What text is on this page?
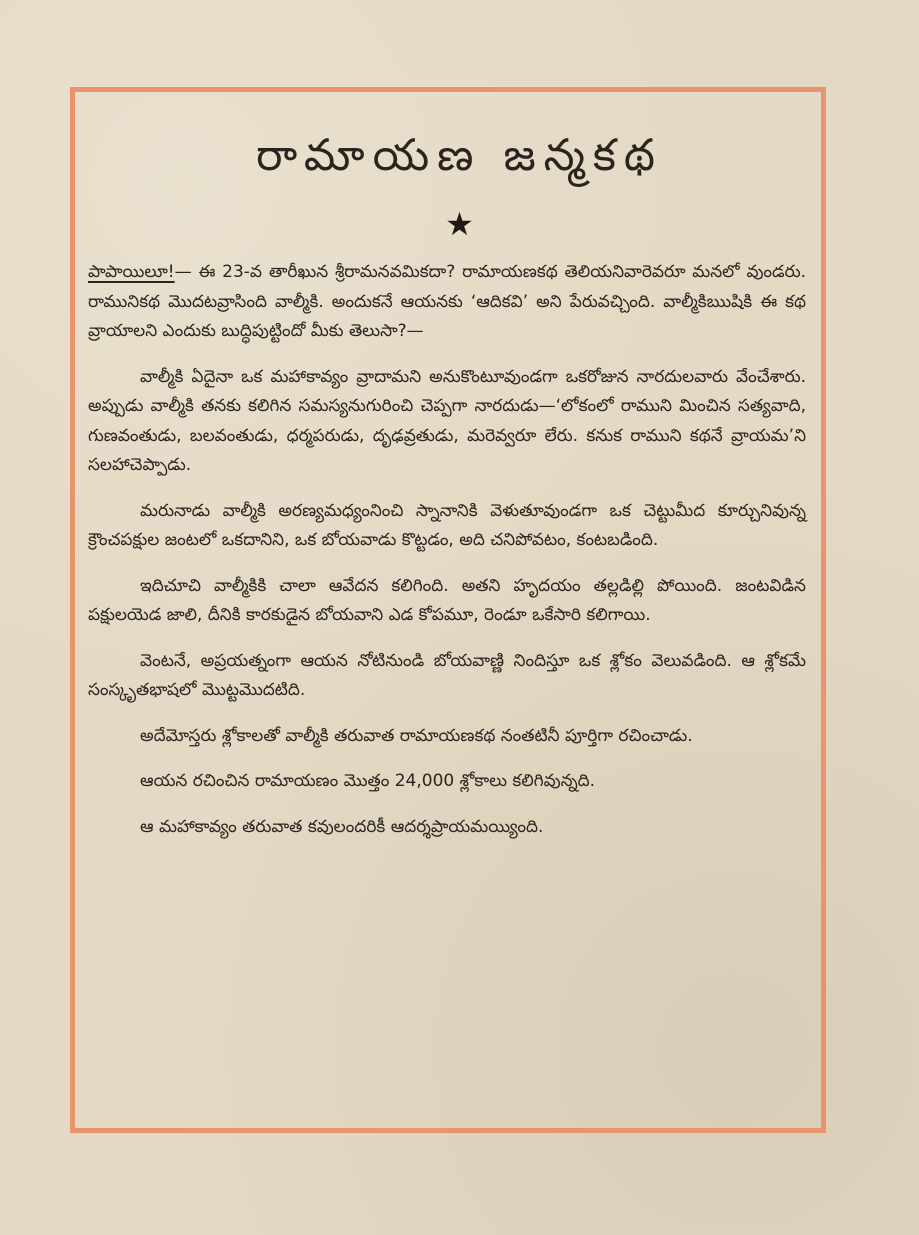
రామాయణ జన్మకథ
★

పాపాయిలూ!— ఈ 23-వ తారీఖున శ్రీరామనవమికదా? రామాయణకథ తెలియనివారెవరూ మనలో వుండరు. రామునికథ మొదటవ్రాసింది వాల్మీకి. అందుకనే ఆయనకు ‘ఆదికవి’ అని పేరువచ్చింది. వాల్మీకిఋషికి ఈ కథ వ్రాయాలని ఎందుకు బుద్ధిపుట్టిందో మీకు తెలుసా?—

వాల్మీకి ఏదైనా ఒక మహాకావ్యం వ్రాదామని అనుకొంటూవుండగా ఒకరోజున నారదులవారు వేంచేశారు. అప్పుడు వాల్మీకి తనకు కలిగిన సమస్యనుగురించి చెప్పగా నారదుడు—‘లోకంలో రాముని మించిన సత్యవాది, గుణవంతుడు, బలవంతుడు, ధర్మపరుడు, దృఢవ్రతుడు, మరెవ్వరూ లేరు. కనుక రాముని కథనే వ్రాయమ’ని సలహాచెప్పాడు.

మరునాడు వాల్మీకి అరణ్యమధ్యంనించి స్నానానికి వెళుతూవుండగా ఒక చెట్టుమీద కూర్చునివున్న క్రౌంచపక్షుల జంటలో ఒకదానిని, ఒక బోయవాడు కొట్టడం, అది చనిపోవటం, కంటబడింది.

ఇదిచూచి వాల్మీకికి చాలా ఆవేదన కలిగింది. అతని హృదయం తల్లడిల్లి పోయింది. జంటవిడిన పక్షులయెడ జాలి, దీనికి కారకుడైన బోయవాని ఎడ కోపమూ, రెండూ ఒకేసారి కలిగాయి.

వెంటనే, అప్రయత్నంగా ఆయన నోటినుండి బోయవాణ్ణి నిందిస్తూ ఒక శ్లోకం వెలువడింది. ఆ శ్లోకమే సంస్కృతభాషలో మొట్టమొదటిది.

అదేమోస్తరు శ్లోకాలతో వాల్మీకి తరువాత రామాయణకథ నంతటినీ పూర్తిగా రచించాడు.

ఆయన రచించిన రామాయణం మొత్తం 24,000 శ్లోకాలు కలిగివున్నది.

ఆ మహాకావ్యం తరువాత కవులందరికీ ఆదర్శప్రాయమయ్యింది.
